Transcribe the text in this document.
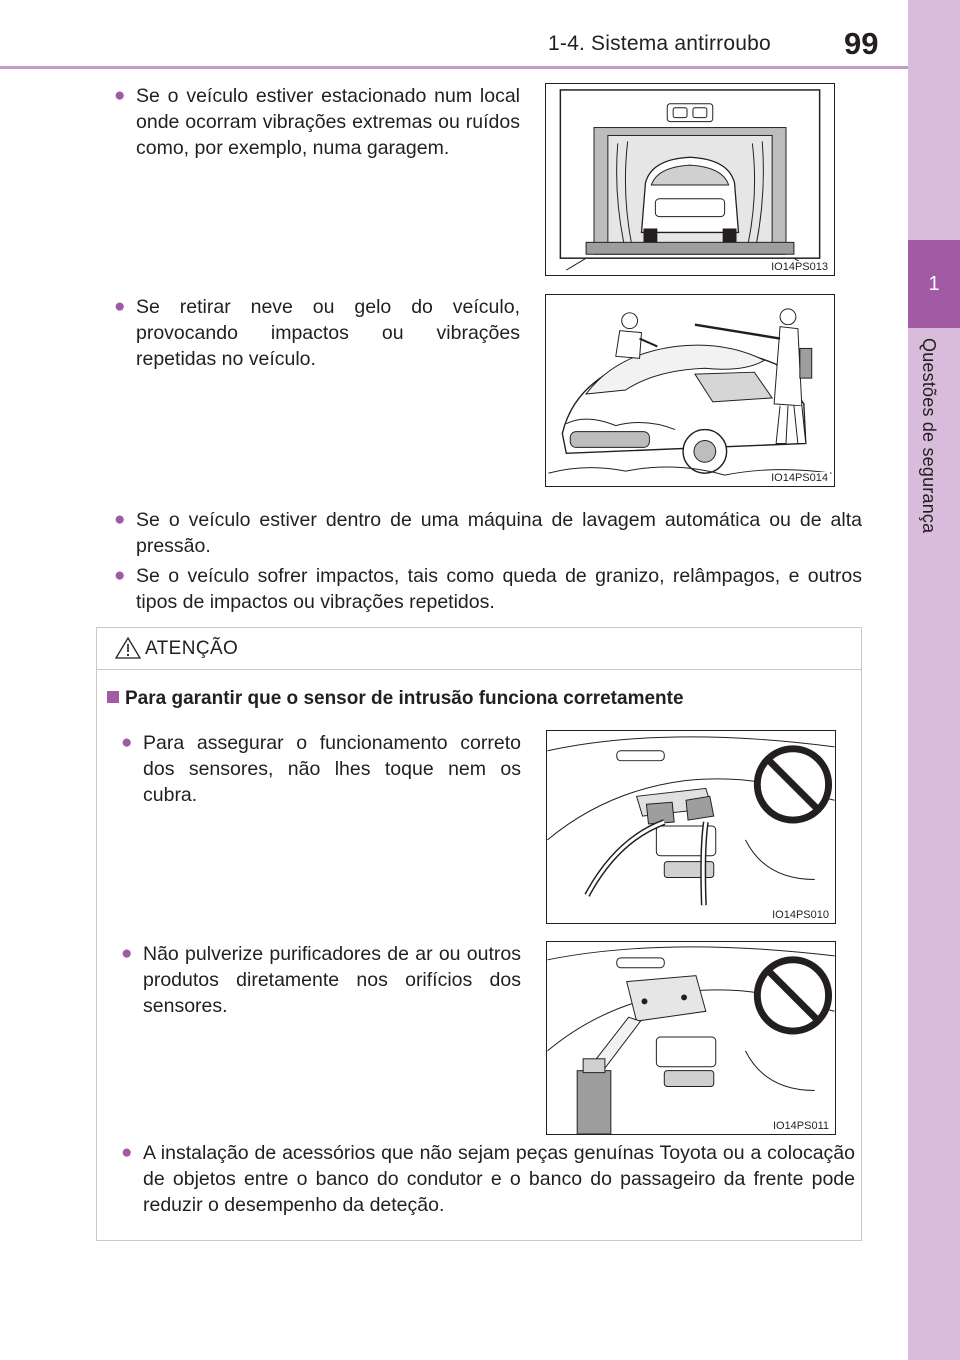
1-4. Sistema antirroubo 99
1
Questões de segurança
● Se o veículo estiver estacionado num local onde ocorram vibrações extremas ou ruídos como, por exemplo, numa garagem.
IO14PS013
● Se retirar neve ou gelo do veículo, provocando impactos ou vibrações repetidas no veículo.
IO14PS014
● Se o veículo estiver dentro de uma máquina de lavagem automática ou de alta pressão.
● Se o veículo sofrer impactos, tais como queda de granizo, relâmpagos, e outros tipos de impactos ou vibrações repetidos.
ATENÇÃO
Para garantir que o sensor de intrusão funciona corretamente
● Para assegurar o funcionamento correto dos sensores, não lhes toque nem os cubra.
IO14PS010
● Não pulverize purificadores de ar ou outros produtos diretamente nos orifícios dos sensores.
IO14PS011
● A instalação de acessórios que não sejam peças genuínas Toyota ou a colocação de objetos entre o banco do condutor e o banco do passageiro da frente pode reduzir o desempenho da deteção.
